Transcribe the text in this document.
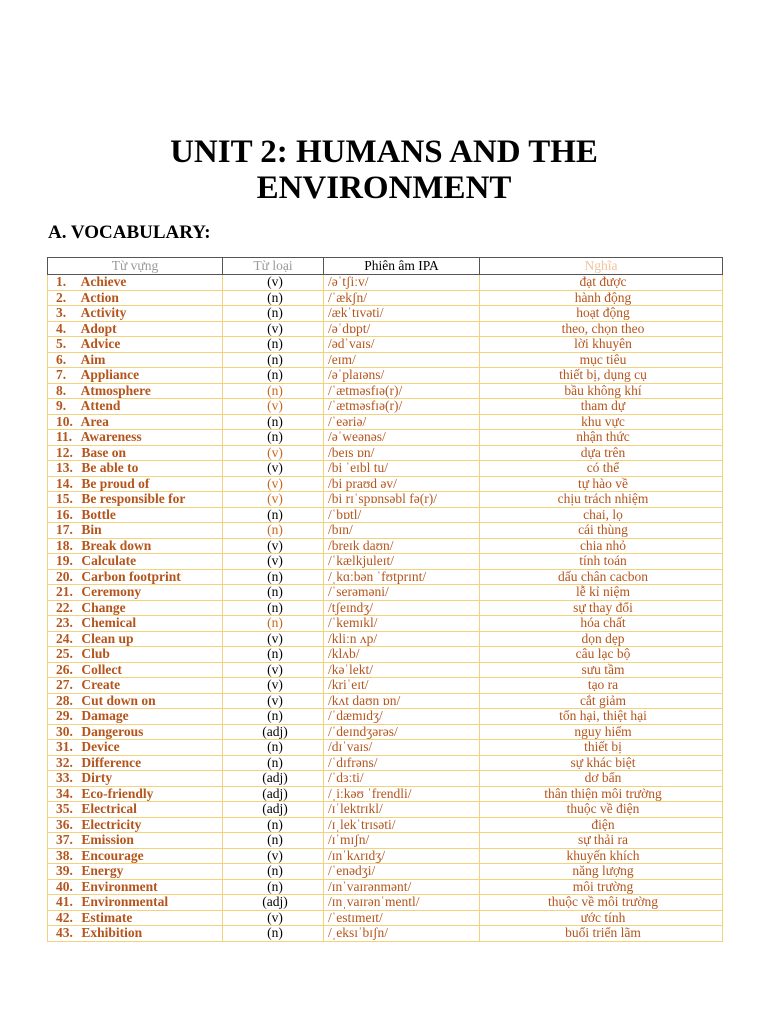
UNIT 2: HUMANS AND THE
ENVIRONMENT
A. VOCABULARY:
Từ vựng	Từ loại	Phiên âm IPA	Nghĩa
1. Achieve	(v)	/əˈtʃiːv/	đạt được
2. Action	(n)	/ˈækʃn/	hành động
3. Activity	(n)	/ækˈtɪvəti/	hoạt động
4. Adopt	(v)	/əˈdɒpt/	theo, chọn theo
5. Advice	(n)	/ədˈvaɪs/	lời khuyên
6. Aim	(n)	/eɪm/	mục tiêu
7. Appliance	(n)	/əˈplaɪəns/	thiết bị, dụng cụ
8. Atmosphere	(n)	/ˈætməsfɪə(r)/	bầu không khí
9. Attend	(v)	/ˈætməsfɪə(r)/	tham dự
10. Area	(n)	/ˈeəriə/	khu vực
11. Awareness	(n)	/əˈweənəs/	nhận thức
12. Base on	(v)	/beɪs ɒn/	dựa trên
13. Be able to	(v)	/bi ˈeɪbl tu/	có thể
14. Be proud of	(v)	/bi praʊd əv/	tự hào về
15. Be responsible for	(v)	/bi rɪˈspɒnsəbl fə(r)/	chịu trách nhiệm
16. Bottle	(n)	/ˈbɒtl/	chai, lọ
17. Bin	(n)	/bɪn/	cái thùng
18. Break down	(v)	/breɪk daʊn/	chia nhỏ
19. Calculate	(v)	/ˈkælkjuleɪt/	tính toán
20. Carbon footprint	(n)	/ˌkɑːbən ˈfʊtprɪnt/	dấu chân cacbon
21. Ceremony	(n)	/ˈserəməni/	lễ kỉ niệm
22. Change	(n)	/tʃeɪndʒ/	sự thay đổi
23. Chemical	(n)	/ˈkemɪkl/	hóa chất
24. Clean up	(v)	/kliːn ʌp/	dọn dẹp
25. Club	(n)	/klʌb/	câu lạc bộ
26. Collect	(v)	/kəˈlekt/	sưu tầm
27. Create	(v)	/kriˈeɪt/	tạo ra
28. Cut down on	(v)	/kʌt daʊn ɒn/	cắt giảm
29. Damage	(n)	/ˈdæmɪdʒ/	tổn hại, thiệt hại
30. Dangerous	(adj)	/ˈdeɪndʒərəs/	nguy hiểm
31. Device	(n)	/dɪˈvaɪs/	thiết bị
32. Difference	(n)	/ˈdɪfrəns/	sự khác biệt
33. Dirty	(adj)	/ˈdɜːti/	dơ bẩn
34. Eco-friendly	(adj)	/ˌiːkəʊ ˈfrendli/	thân thiện môi trường
35. Electrical	(adj)	/ɪˈlektrɪkl/	thuộc về điện
36. Electricity	(n)	/ɪˌlekˈtrɪsəti/	điện
37. Emission	(n)	/ɪˈmɪʃn/	sự thải ra
38. Encourage	(v)	/ɪnˈkʌrɪdʒ/	khuyến khích
39. Energy	(n)	/ˈenədʒi/	năng lượng
40. Environment	(n)	/ɪnˈvaɪrənmənt/	môi trường
41. Environmental	(adj)	/ɪnˌvaɪrənˈmentl/	thuộc về môi trường
42. Estimate	(v)	/ˈestɪmeɪt/	ước tính
43. Exhibition	(n)	/ˌeksɪˈbɪʃn/	buổi triển lãm
